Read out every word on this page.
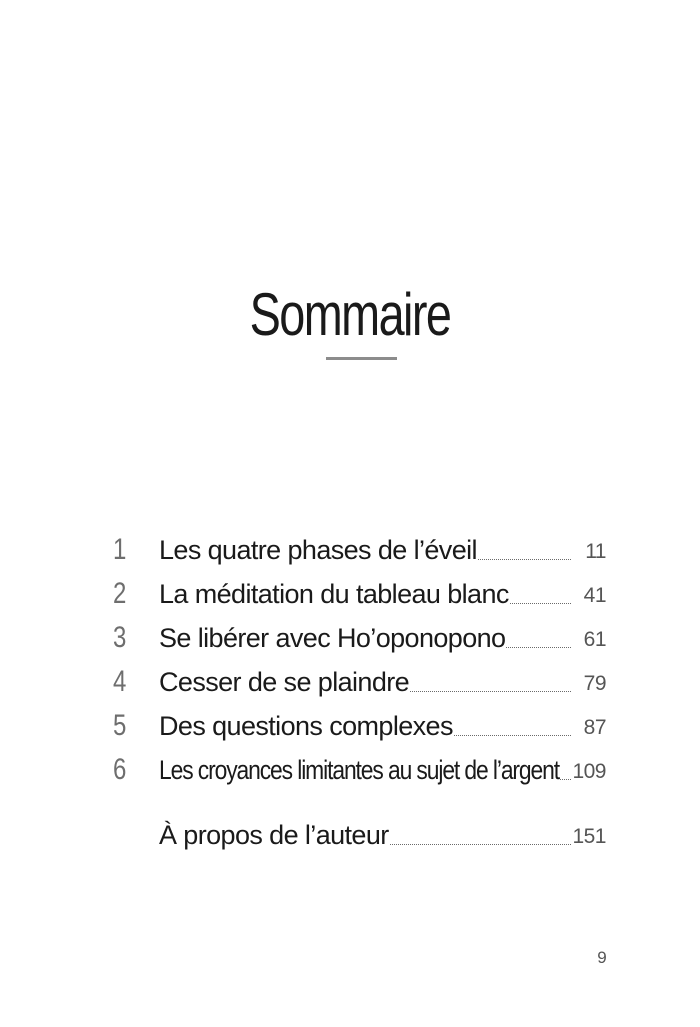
Sommaire
1 Les quatre phases de l’éveil	11
2 La méditation du tableau blanc	41
3 Se libérer avec Ho’oponopono	61
4 Cesser de se plaindre	79
5 Des questions complexes	87
6 Les croyances limitantes au sujet de l’argent 109
À propos de l’auteur	151
9
